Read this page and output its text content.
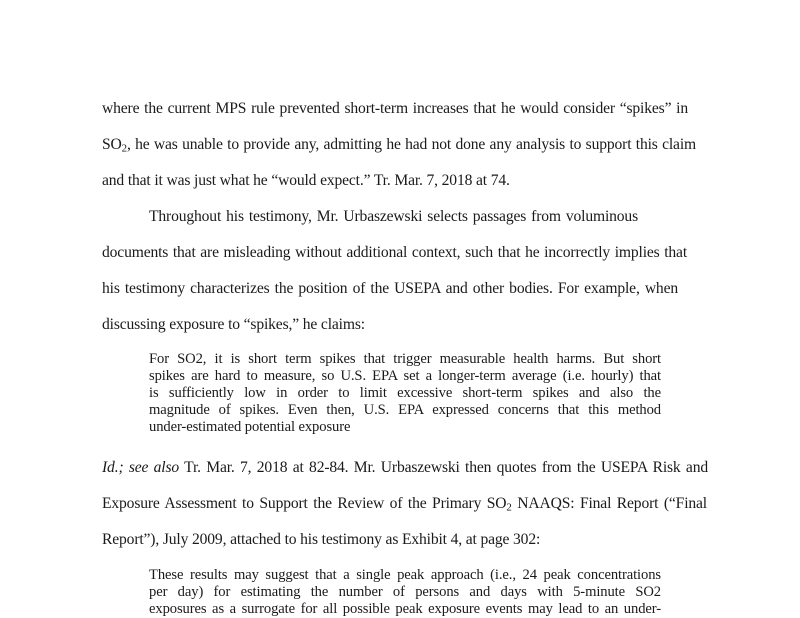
where the current MPS rule prevented short-term increases that he would consider “spikes” in
$SO_2$, he was unable to provide any, admitting he had not done any analysis to support this claim
and that it was just what he “would expect.” Tr. Mar. 7, 2018 at 74.
Throughout his testimony, Mr. Urbaszewski selects passages from voluminous
documents that are misleading without additional context, such that he incorrectly implies that
his testimony characterizes the position of the USEPA and other bodies. For example, when
discussing exposure to “spikes,” he claims:
For SO2, it is short term spikes that trigger measurable health harms. But short
spikes are hard to measure, so U.S. EPA set a longer-term average (i.e. hourly) that
is sufficiently low in order to limit excessive short-term spikes and also the
magnitude of spikes. Even then, U.S. EPA expressed concerns that this method
under-estimated potential exposure
Id.; see also Tr. Mar. 7, 2018 at 82-84. Mr. Urbaszewski then quotes from the USEPA Risk and
Exposure Assessment to Support the Review of the Primary $SO_2$ NAAQS: Final Report (“Final
Report”), July 2009, attached to his testimony as Exhibit 4, at page 302:
These results may suggest that a single peak approach (i.e., 24 peak concentrations
per day) for estimating the number of persons and days with 5-minute SO2
exposures as a surrogate for all possible peak exposure events may lead to an under-
